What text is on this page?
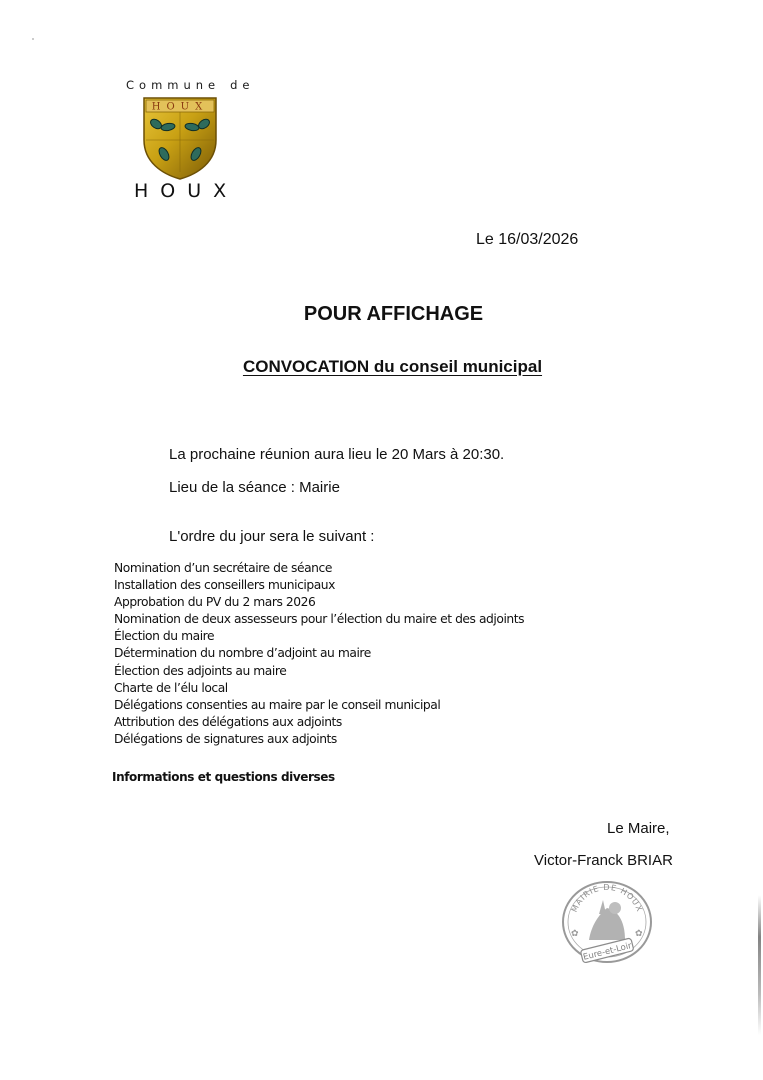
Commune de
HOUX
HOUX
Le 16/03/2026
POUR AFFICHAGE
CONVOCATION du conseil municipal
La prochaine réunion aura lieu le 20 Mars à 20:30.
Lieu de la séance : Mairie
L'ordre du jour sera le suivant :
Nomination d’un secrétaire de séance
Installation des conseillers municipaux
Approbation du PV du 2 mars 2026
Nomination de deux assesseurs pour l’élection du maire et des adjoints
Élection du maire
Détermination du nombre d’adjoint au maire
Élection des adjoints au maire
Charte de l’élu local
Délégations consenties au maire par le conseil municipal
Attribution des délégations aux adjoints
Délégations de signatures aux adjoints
Informations et questions diverses
Le Maire,
Victor-Franck BRIAR
MAIRIE DE HOUX
✿	✿
Eure-et-Loir
